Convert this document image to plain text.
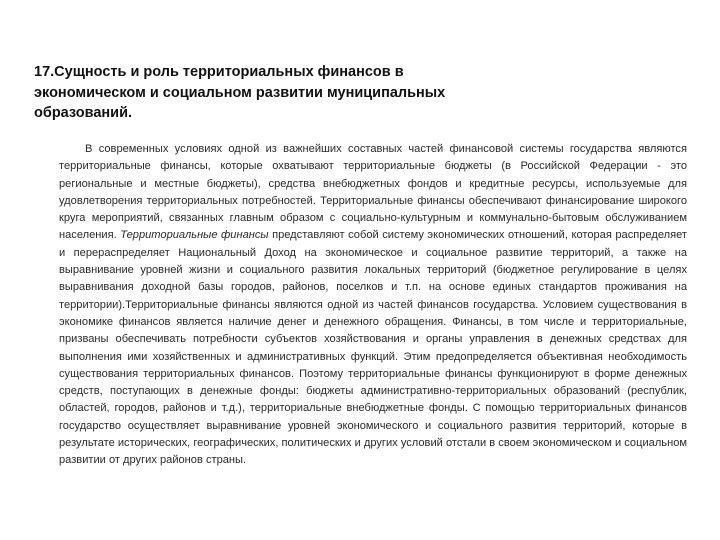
17.Сущность и роль территориальных финансов в экономическом и социальном развитии муниципальных образований.

В современных условиях одной из важнейших составных частей финансовой системы государства являются территориальные финансы, которые охватывают территориальные бюджеты (в Российской Федерации - это региональные и местные бюджеты), средства внебюджетных фондов и кредитные ресурсы, используемые для удовлетворения территориальных потребностей. Территориальные финансы обеспечивают финансирование широкого круга мероприятий, связанных главным образом с социально-культурным и коммунально-бытовым обслуживанием населения. Территориальные финансы представляют собой систему экономических отношений, которая распределяет и перераспределяет Национальный Доход на экономическое и социальное развитие территорий, а также на выравнивание уровней жизни и социального развития локальных территорий (бюджетное регулирование в целях выравнивания доходной базы городов, районов, поселков и т.п. на основе единых стандартов проживания на территории).Территориальные финансы являются одной из частей финансов государства. Условием существования в экономике финансов является наличие денег и денежного обращения. Финансы, в том числе и территориальные, призваны обеспечивать потребности субъектов хозяйствования и органы управления в денежных средствах для выполнения ими хозяйственных и административных функций. Этим предопределяется объективная необходимость существования территориальных финансов. Поэтому территориальные финансы функционируют в форме денежных средств, поступающих в денежные фонды: бюджеты административно-территориальных образований (республик, областей, городов, районов и т.д.), территориальные внебюджетные фонды. С помощью территориальных финансов государство осуществляет выравнивание уровней экономического и социального развития территорий, которые в результате исторических, географических, политических и других условий отстали в своем экономическом и социальном развитии от других районов страны.
